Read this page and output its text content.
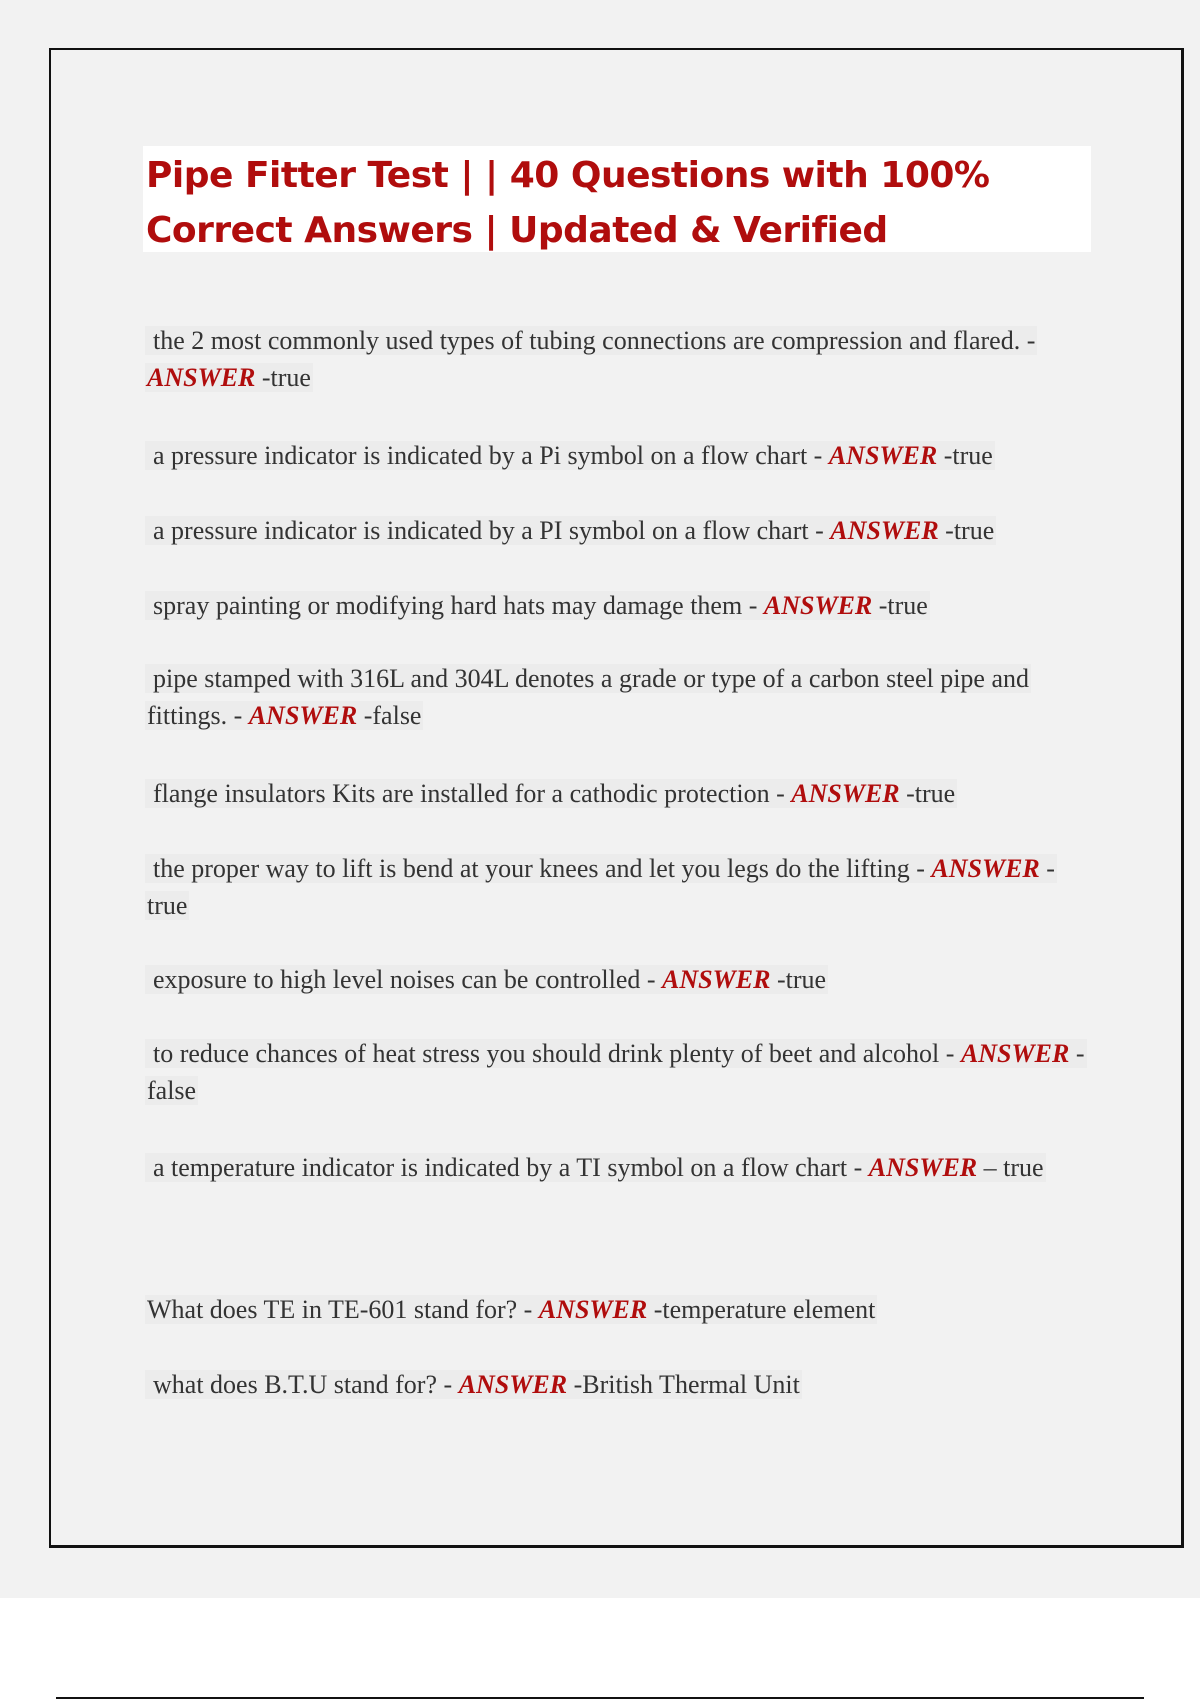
Pipe Fitter Test | | 40 Questions with 100% Correct Answers | Updated & Verified

the 2 most commonly used types of tubing connections are compression and flared. - ANSWER -true

a pressure indicator is indicated by a Pi symbol on a flow chart - ANSWER -true

a pressure indicator is indicated by a PI symbol on a flow chart - ANSWER -true

spray painting or modifying hard hats may damage them - ANSWER -true

pipe stamped with 316L and 304L denotes a grade or type of a carbon steel pipe and fittings. - ANSWER -false

flange insulators Kits are installed for a cathodic protection - ANSWER -true

the proper way to lift is bend at your knees and let you legs do the lifting - ANSWER -true

exposure to high level noises can be controlled - ANSWER -true

to reduce chances of heat stress you should drink plenty of beet and alcohol - ANSWER -false

a temperature indicator is indicated by a TI symbol on a flow chart - ANSWER – true

What does TE in TE-601 stand for? - ANSWER -temperature element

what does B.T.U stand for? - ANSWER -British Thermal Unit
